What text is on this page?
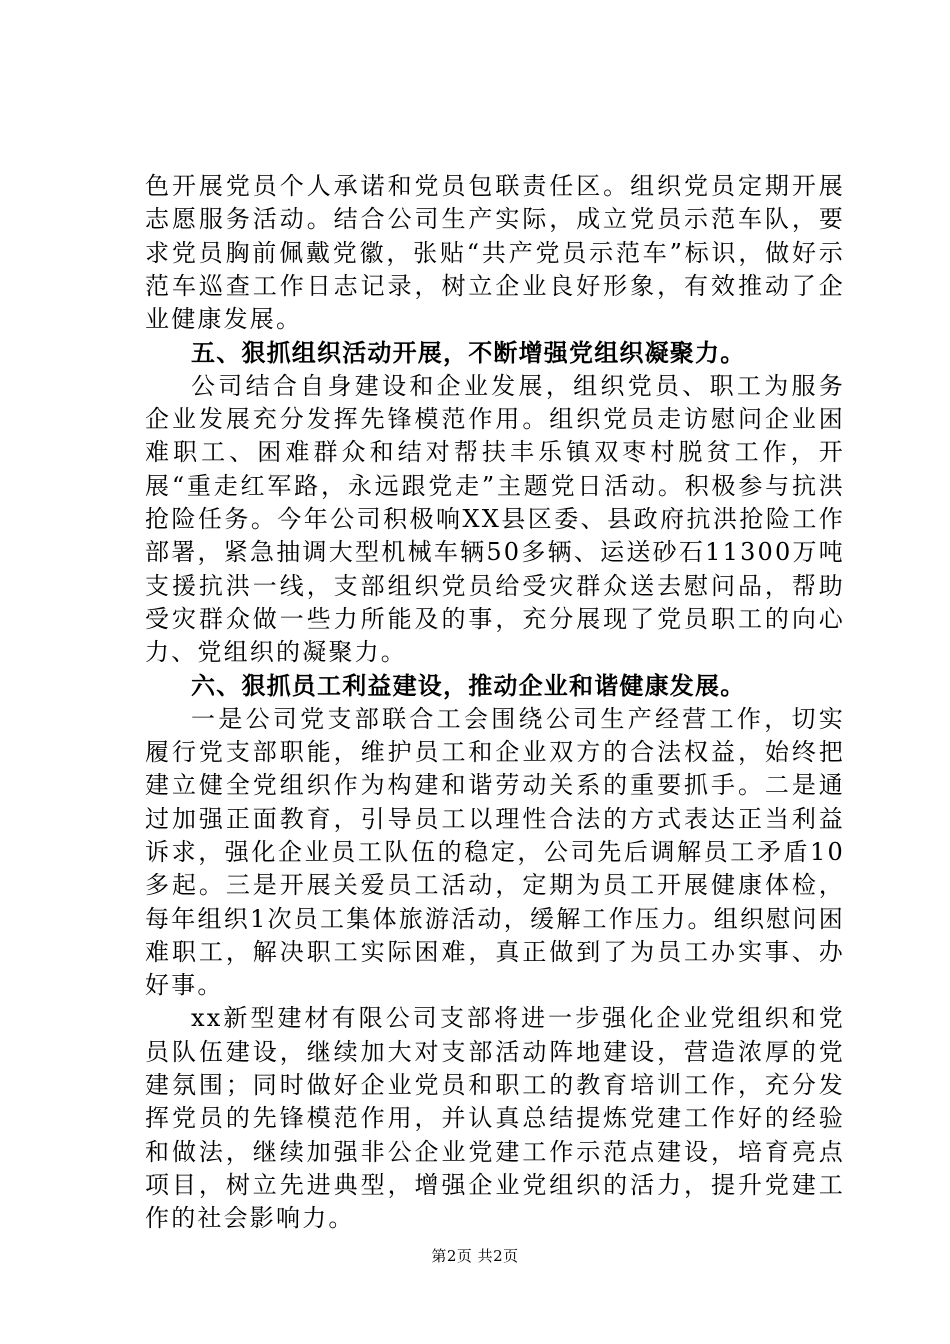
色开展党员个人承诺和党员包联责任区。组织党员定期开展志愿服务活动。结合公司生产实际，成立党员示范车队，要求党员胸前佩戴党徽，张贴“共产党员示范车”标识，做好示范车巡查工作日志记录，树立企业良好形象，有效推动了企业健康发展。

五、狠抓组织活动开展，不断增强党组织凝聚力。

公司结合自身建设和企业发展，组织党员、职工为服务企业发展充分发挥先锋模范作用。组织党员走访慰问企业困难职工、困难群众和结对帮扶丰乐镇双枣村脱贫工作，开展“重走红军路，永远跟党走”主题党日活动。积极参与抗洪抢险任务。今年公司积极响XX县区委、县政府抗洪抢险工作部署，紧急抽调大型机械车辆50多辆、运送砂石11300万吨支援抗洪一线，支部组织党员给受灾群众送去慰问品，帮助受灾群众做一些力所能及的事，充分展现了党员职工的向心力、党组织的凝聚力。

六、狠抓员工利益建设，推动企业和谐健康发展。

一是公司党支部联合工会围绕公司生产经营工作，切实履行党支部职能，维护员工和企业双方的合法权益，始终把建立健全党组织作为构建和谐劳动关系的重要抓手。二是通过加强正面教育，引导员工以理性合法的方式表达正当利益诉求，强化企业员工队伍的稳定，公司先后调解员工矛盾10多起。三是开展关爱员工活动，定期为员工开展健康体检，每年组织1次员工集体旅游活动，缓解工作压力。组织慰问困难职工，解决职工实际困难，真正做到了为员工办实事、办好事。

xx新型建材有限公司支部将进一步强化企业党组织和党员队伍建设，继续加大对支部活动阵地建设，营造浓厚的党建氛围；同时做好企业党员和职工的教育培训工作，充分发挥党员的先锋模范作用，并认真总结提炼党建工作好的经验和做法，继续加强非公企业党建工作示范点建设，培育亮点项目，树立先进典型，增强企业党组织的活力，提升党建工作的社会影响力。

第2页 共2页
